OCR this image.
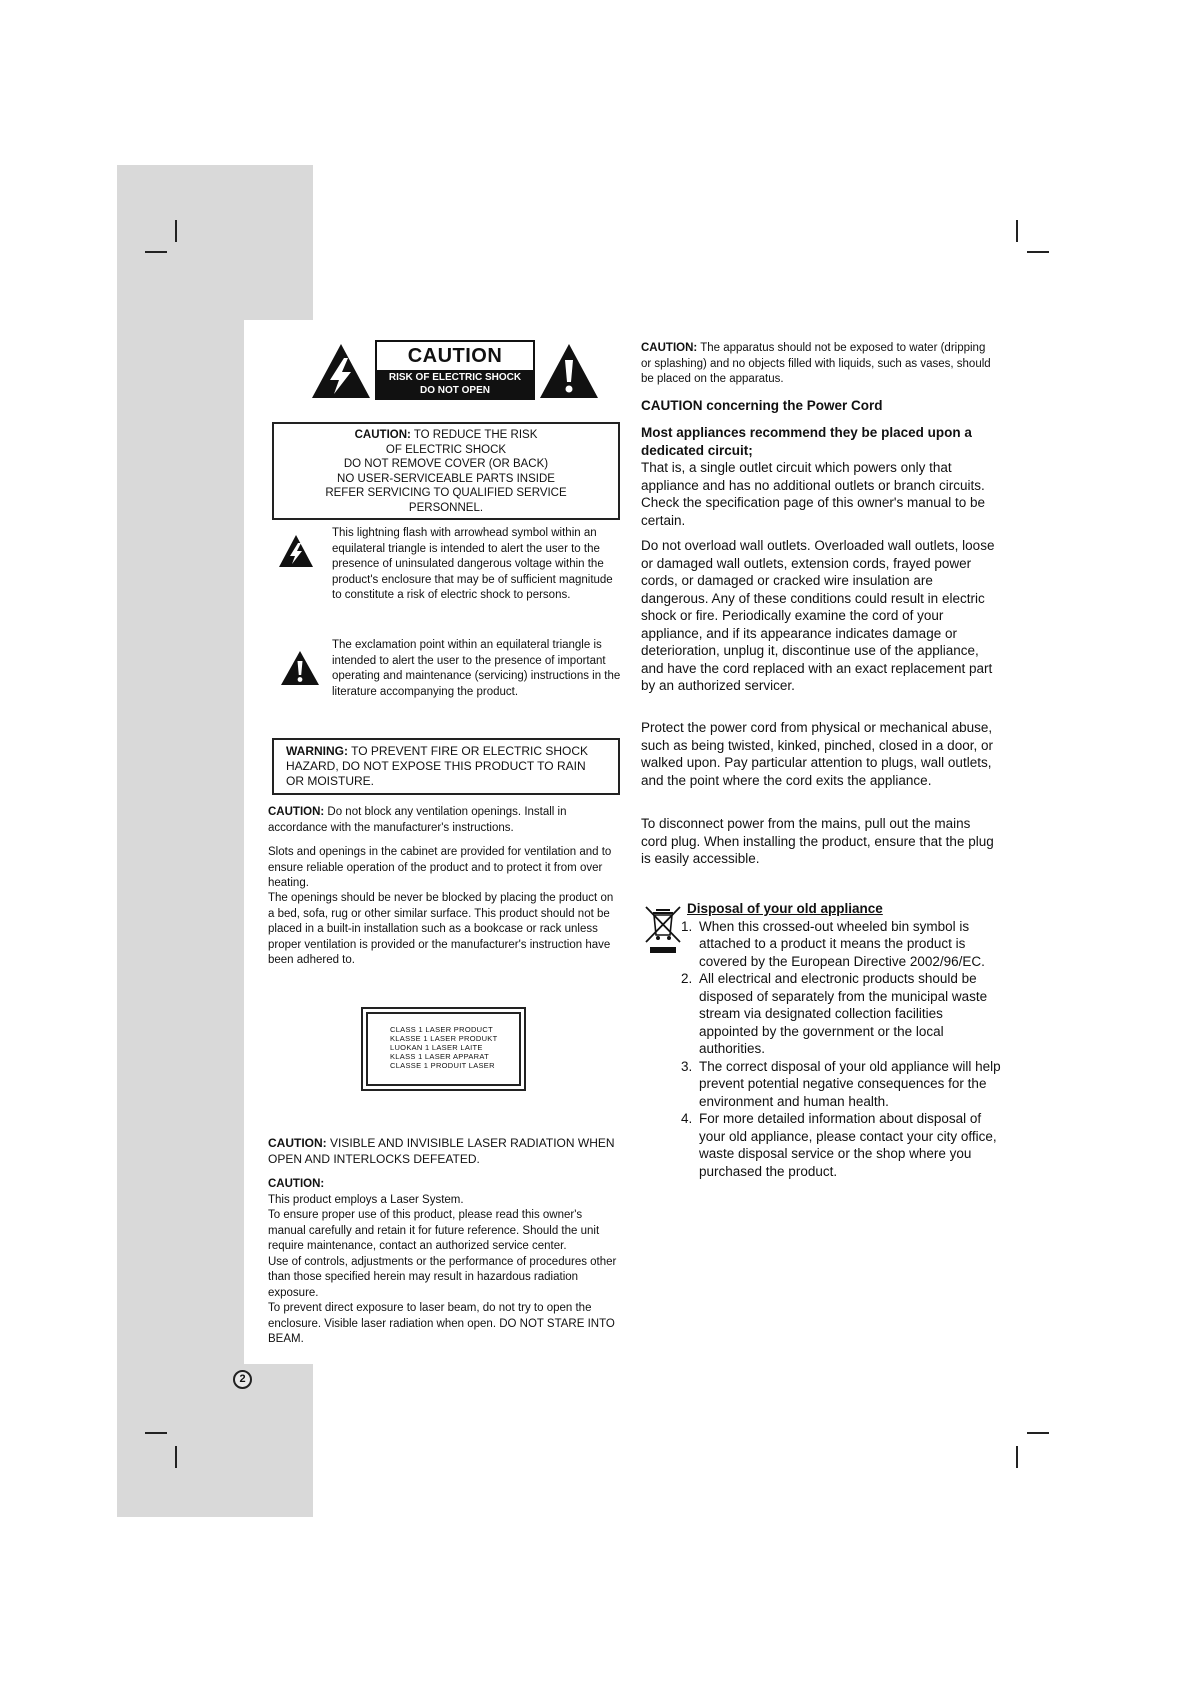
CAUTION
RISK OF ELECTRIC SHOCK
DO NOT OPEN
CAUTION: TO REDUCE THE RISK
OF ELECTRIC SHOCK
DO NOT REMOVE COVER (OR BACK)
NO USER-SERVICEABLE PARTS INSIDE
REFER SERVICING TO QUALIFIED SERVICE
PERSONNEL.
This lightning flash with arrowhead symbol within an equilateral triangle is intended to alert the user to the presence of uninsulated dangerous voltage within the product's enclosure that may be of sufficient magnitude to constitute a risk of electric shock to persons.
The exclamation point within an equilateral triangle is intended to alert the user to the presence of important operating and maintenance (servicing) instructions in the literature accompanying the product.
WARNING: TO PREVENT FIRE OR ELECTRIC SHOCK HAZARD, DO NOT EXPOSE THIS PRODUCT TO RAIN OR MOISTURE.
CAUTION: Do not block any ventilation openings. Install in accordance with the manufacturer's instructions.
Slots and openings in the cabinet are provided for ventilation and to ensure reliable operation of the product and to protect it from over heating.
The openings should be never be blocked by placing the product on a bed, sofa, rug or other similar surface. This product should not be placed in a built-in installation such as a bookcase or rack unless proper ventilation is provided or the manufacturer's instruction have been adhered to.
CLASS 1 LASER PRODUCT
KLASSE 1 LASER PRODUKT
LUOKAN 1 LASER LAITE
KLASS 1 LASER APPARAT
CLASSE 1 PRODUIT LASER
CAUTION: VISIBLE AND INVISIBLE LASER RADIATION WHEN OPEN AND INTERLOCKS DEFEATED.
CAUTION:
This product employs a Laser System.
To ensure proper use of this product, please read this owner's manual carefully and retain it for future reference. Should the unit require maintenance, contact an authorized service center.
Use of controls, adjustments or the performance of procedures other than those specified herein may result in hazardous radiation exposure.
To prevent direct exposure to laser beam, do not try to open the enclosure. Visible laser radiation when open. DO NOT STARE INTO BEAM.
CAUTION: The apparatus should not be exposed to water (dripping or splashing) and no objects filled with liquids, such as vases, should be placed on the apparatus.
CAUTION concerning the Power Cord
Most appliances recommend they be placed upon a dedicated circuit;
That is, a single outlet circuit which powers only that appliance and has no additional outlets or branch circuits. Check the specification page of this owner's manual to be certain.
Do not overload wall outlets. Overloaded wall outlets, loose or damaged wall outlets, extension cords, frayed power cords, or damaged or cracked wire insulation are dangerous. Any of these conditions could result in electric shock or fire. Periodically examine the cord of your appliance, and if its appearance indicates damage or deterioration, unplug it, discontinue use of the appliance, and have the cord replaced with an exact replacement part by an authorized servicer.
Protect the power cord from physical or mechanical abuse, such as being twisted, kinked, pinched, closed in a door, or walked upon. Pay particular attention to plugs, wall outlets, and the point where the cord exits the appliance.
To disconnect power from the mains, pull out the mains cord plug. When installing the product, ensure that the plug is easily accessible.
Disposal of your old appliance
1. When this crossed-out wheeled bin symbol is attached to a product it means the product is covered by the European Directive 2002/96/EC.
2. All electrical and electronic products should be disposed of separately from the municipal waste stream via designated collection facilities appointed by the government or the local authorities.
3. The correct disposal of your old appliance will help prevent potential negative consequences for the environment and human health.
4. For more detailed information about disposal of your old appliance, please contact your city office, waste disposal service or the shop where you purchased the product.
2
